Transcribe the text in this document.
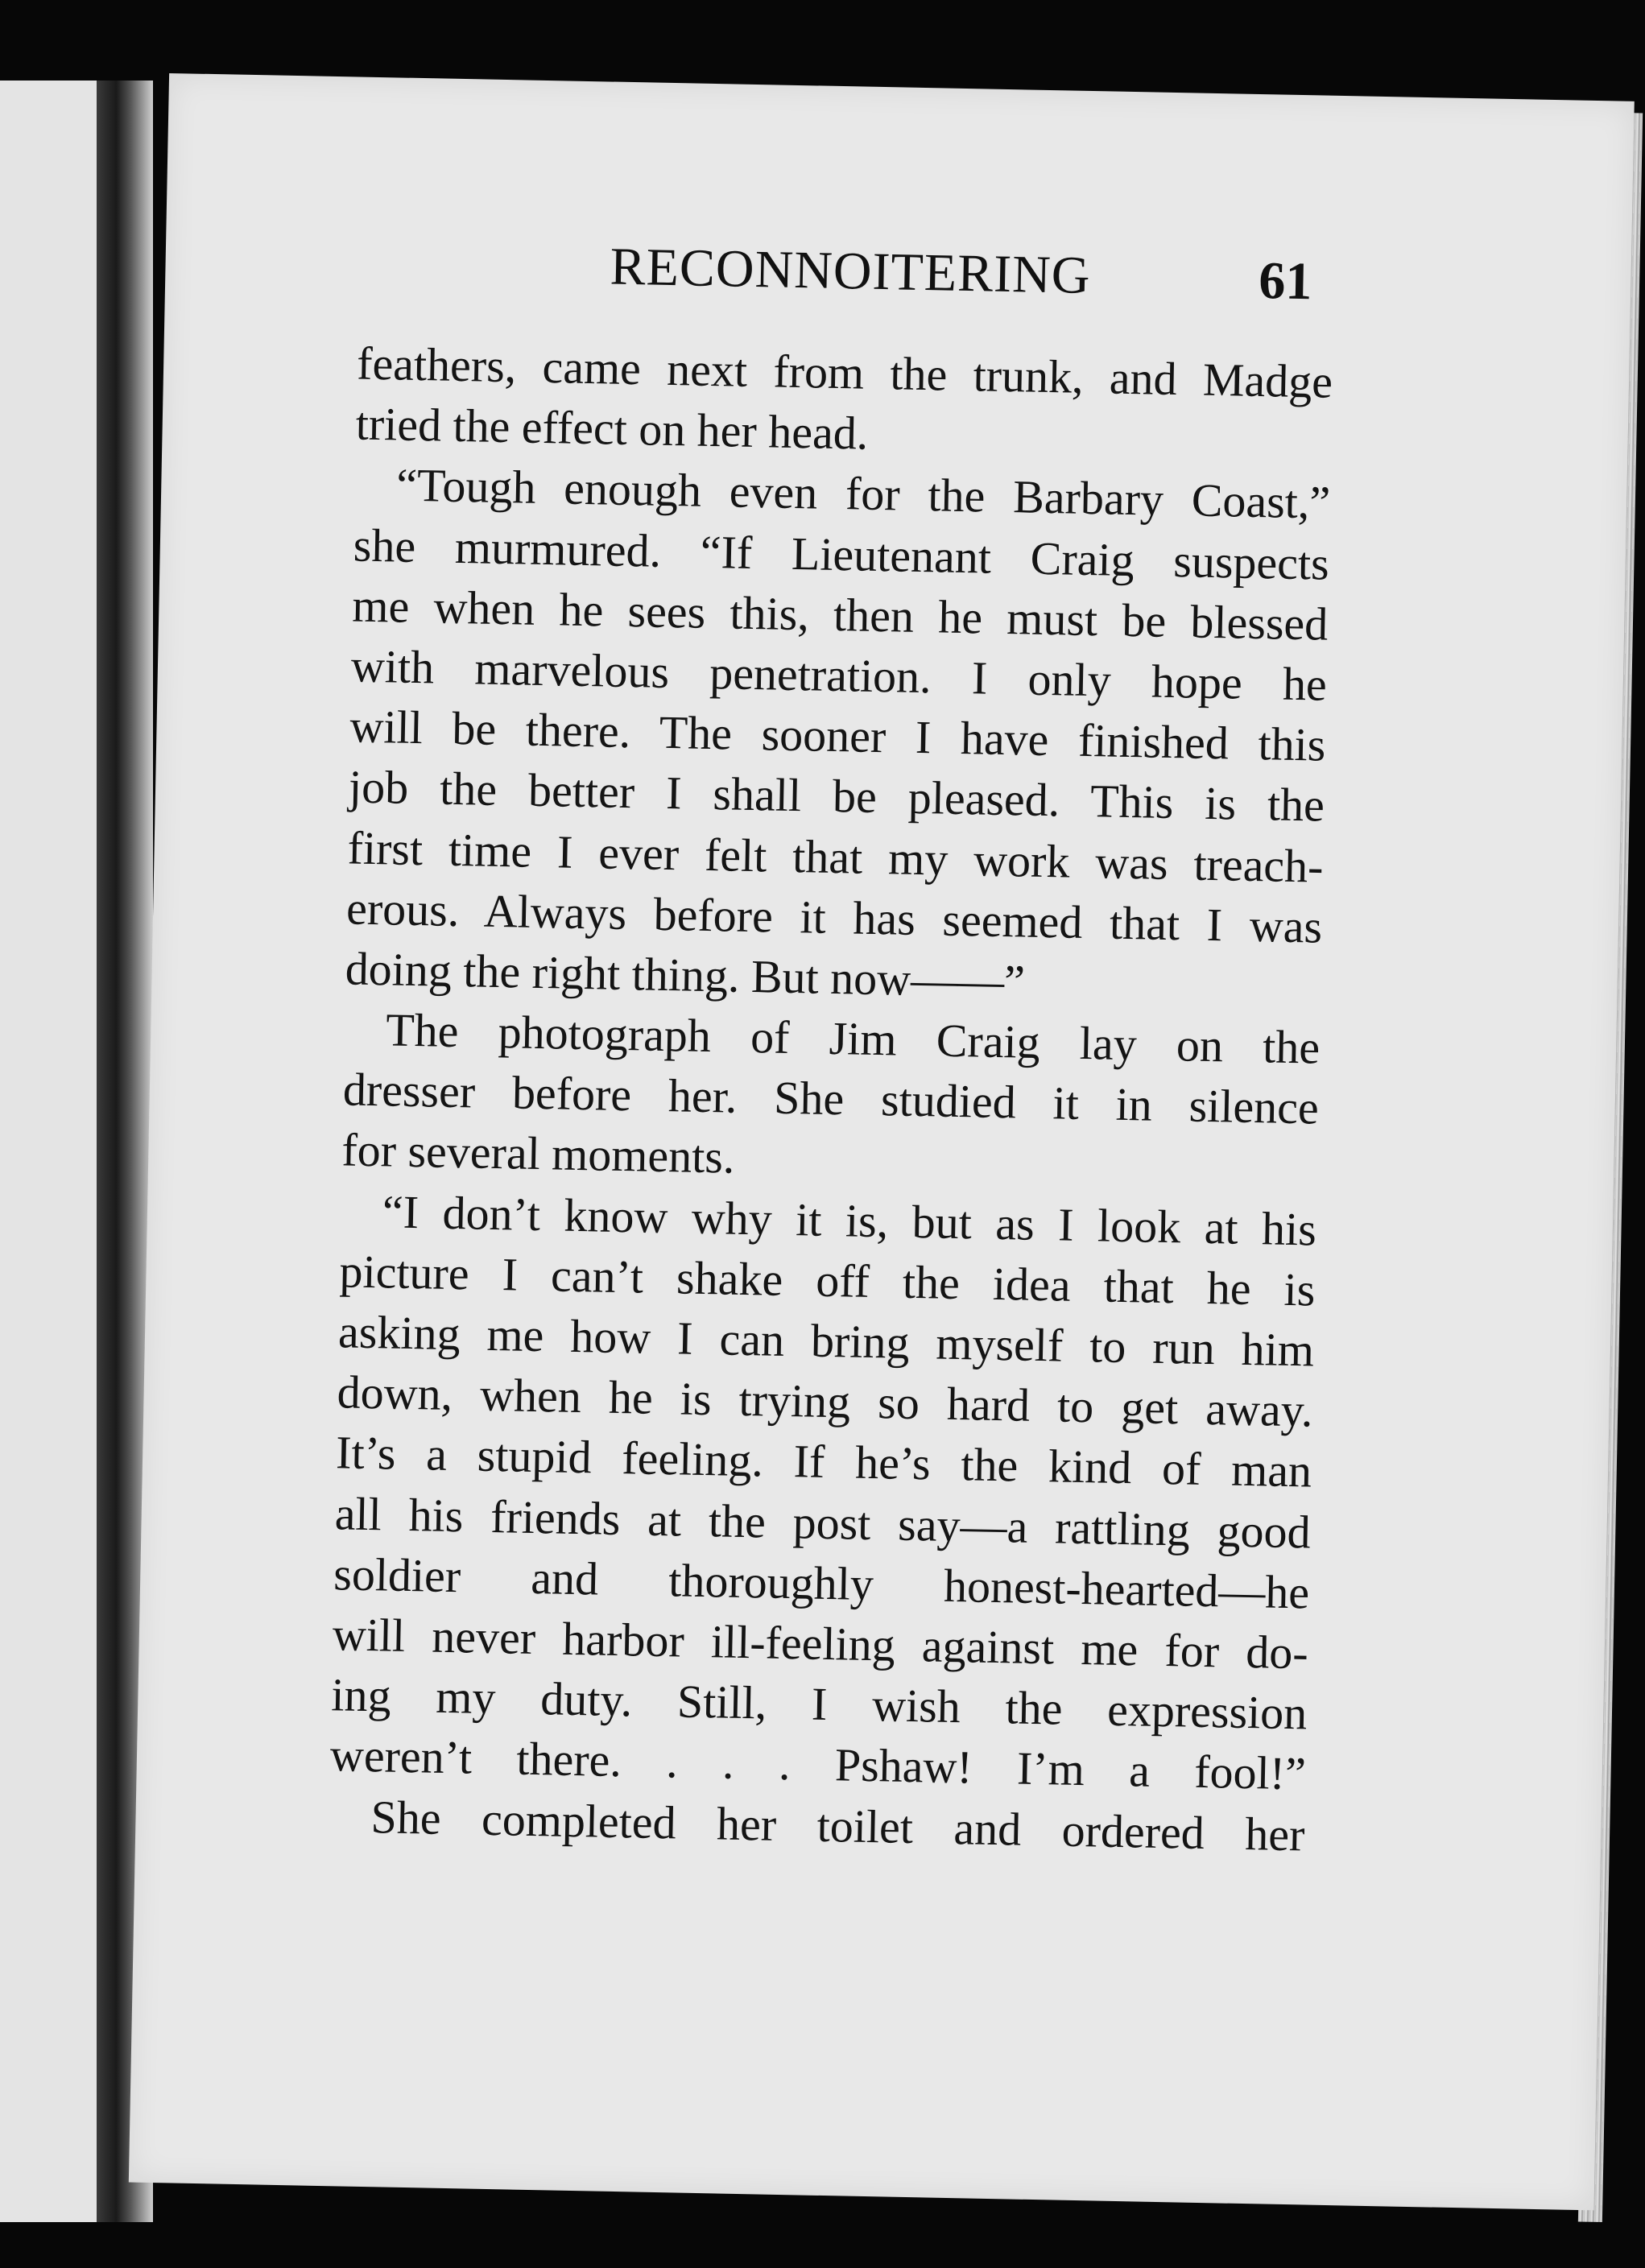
RECONNOITERING	61
feathers, came next from the trunk, and Madge
tried the effect on her head.
“Tough enough even for the Barbary Coast,”
she murmured. “If Lieutenant Craig suspects
me when he sees this, then he must be blessed
with marvelous penetration. I only hope he
will be there. The sooner I have finished this
job the better I shall be pleased. This is the
first time I ever felt that my work was treach-
erous. Always before it has seemed that I was
doing the right thing. But now——”
The photograph of Jim Craig lay on the
dresser before her. She studied it in silence
for several moments.
“I don’t know why it is, but as I look at his
picture I can’t shake off the idea that he is
asking me how I can bring myself to run him
down, when he is trying so hard to get away.
It’s a stupid feeling. If he’s the kind of man
all his friends at the post say—a rattling good
soldier and thoroughly honest-hearted—he
will never harbor ill-feeling against me for do-
ing my duty. Still, I wish the expression
weren’t there. . . . Pshaw! I’m a fool!”
She completed her toilet and ordered her
